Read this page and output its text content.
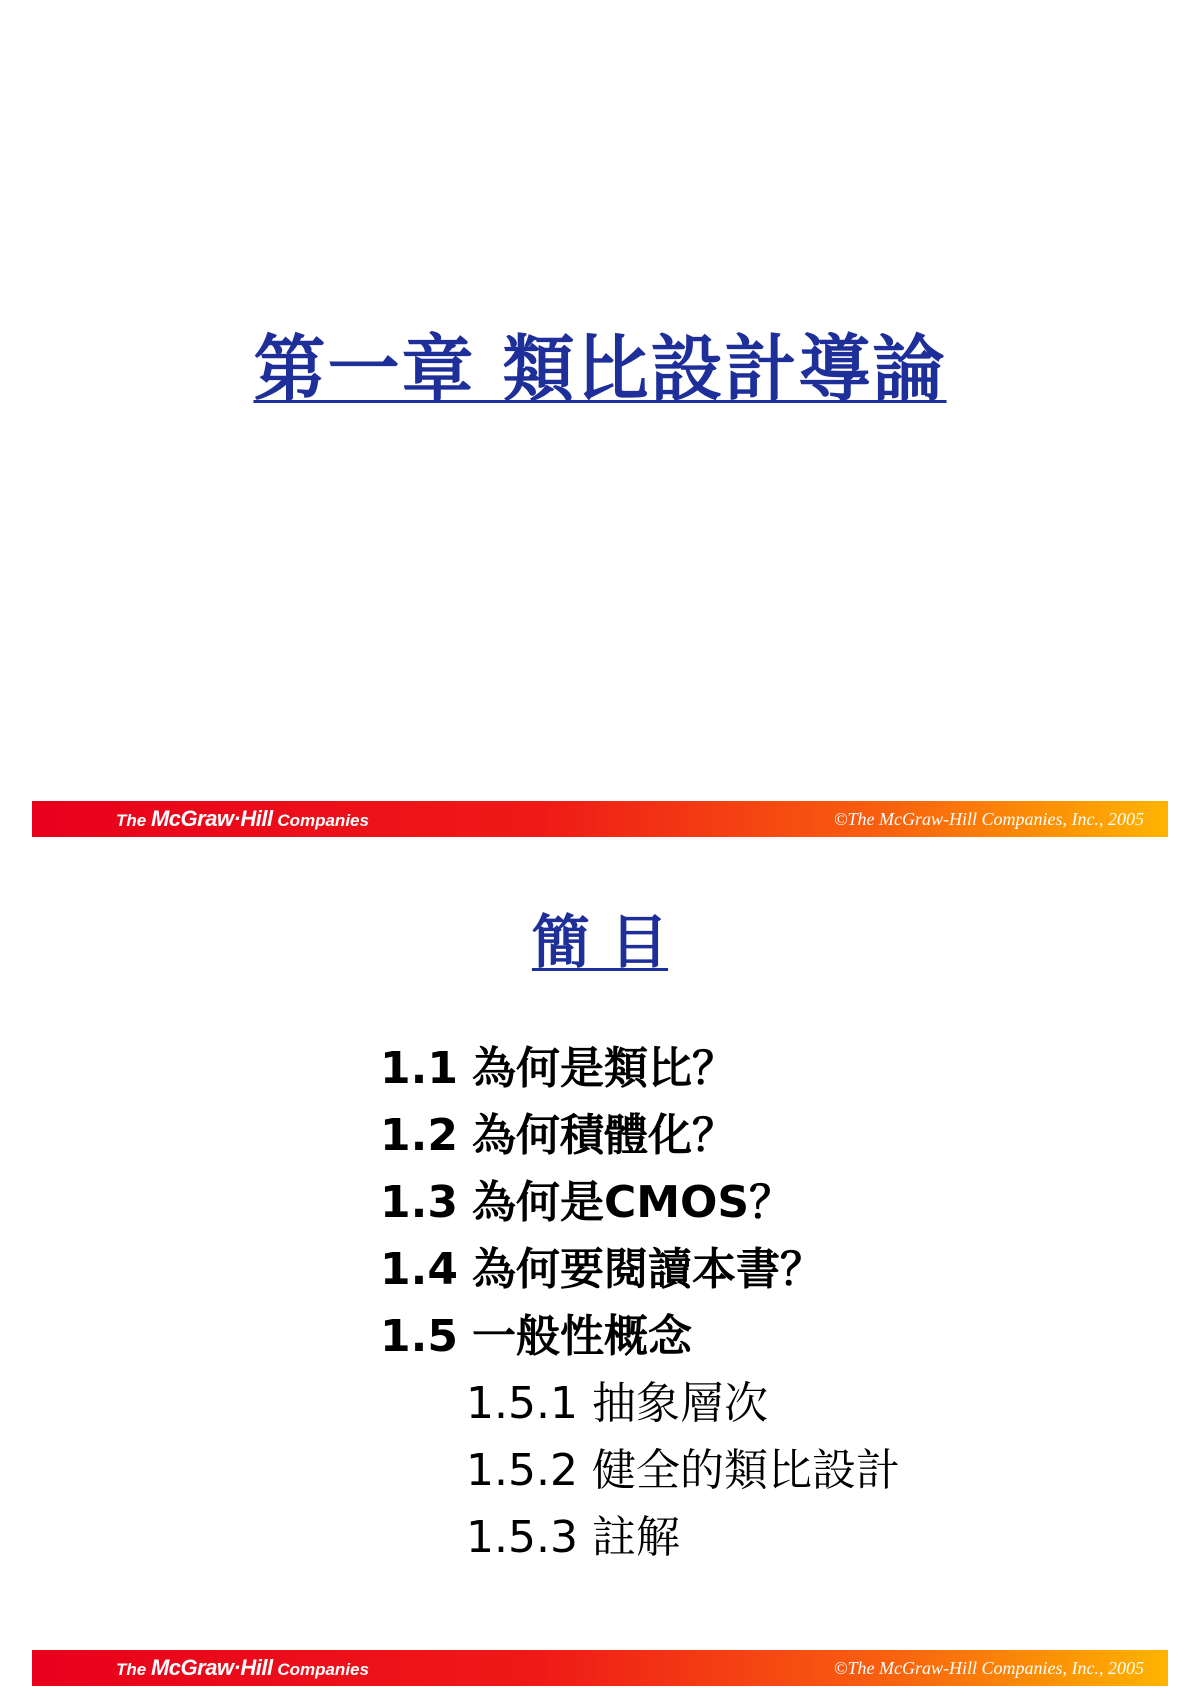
第一章 類比設計導論
The McGraw·Hill Companies	©The McGraw-Hill Companies, Inc., 2005
簡 目
1.1 為何是類比？
1.2 為何積體化？
1.3 為何是CMOS？
1.4 為何要閱讀本書？
1.5 一般性概念
1.5.1 抽象層次
1.5.2 健全的類比設計
1.5.3 註解
The McGraw·Hill Companies	©The McGraw-Hill Companies, Inc., 2005
